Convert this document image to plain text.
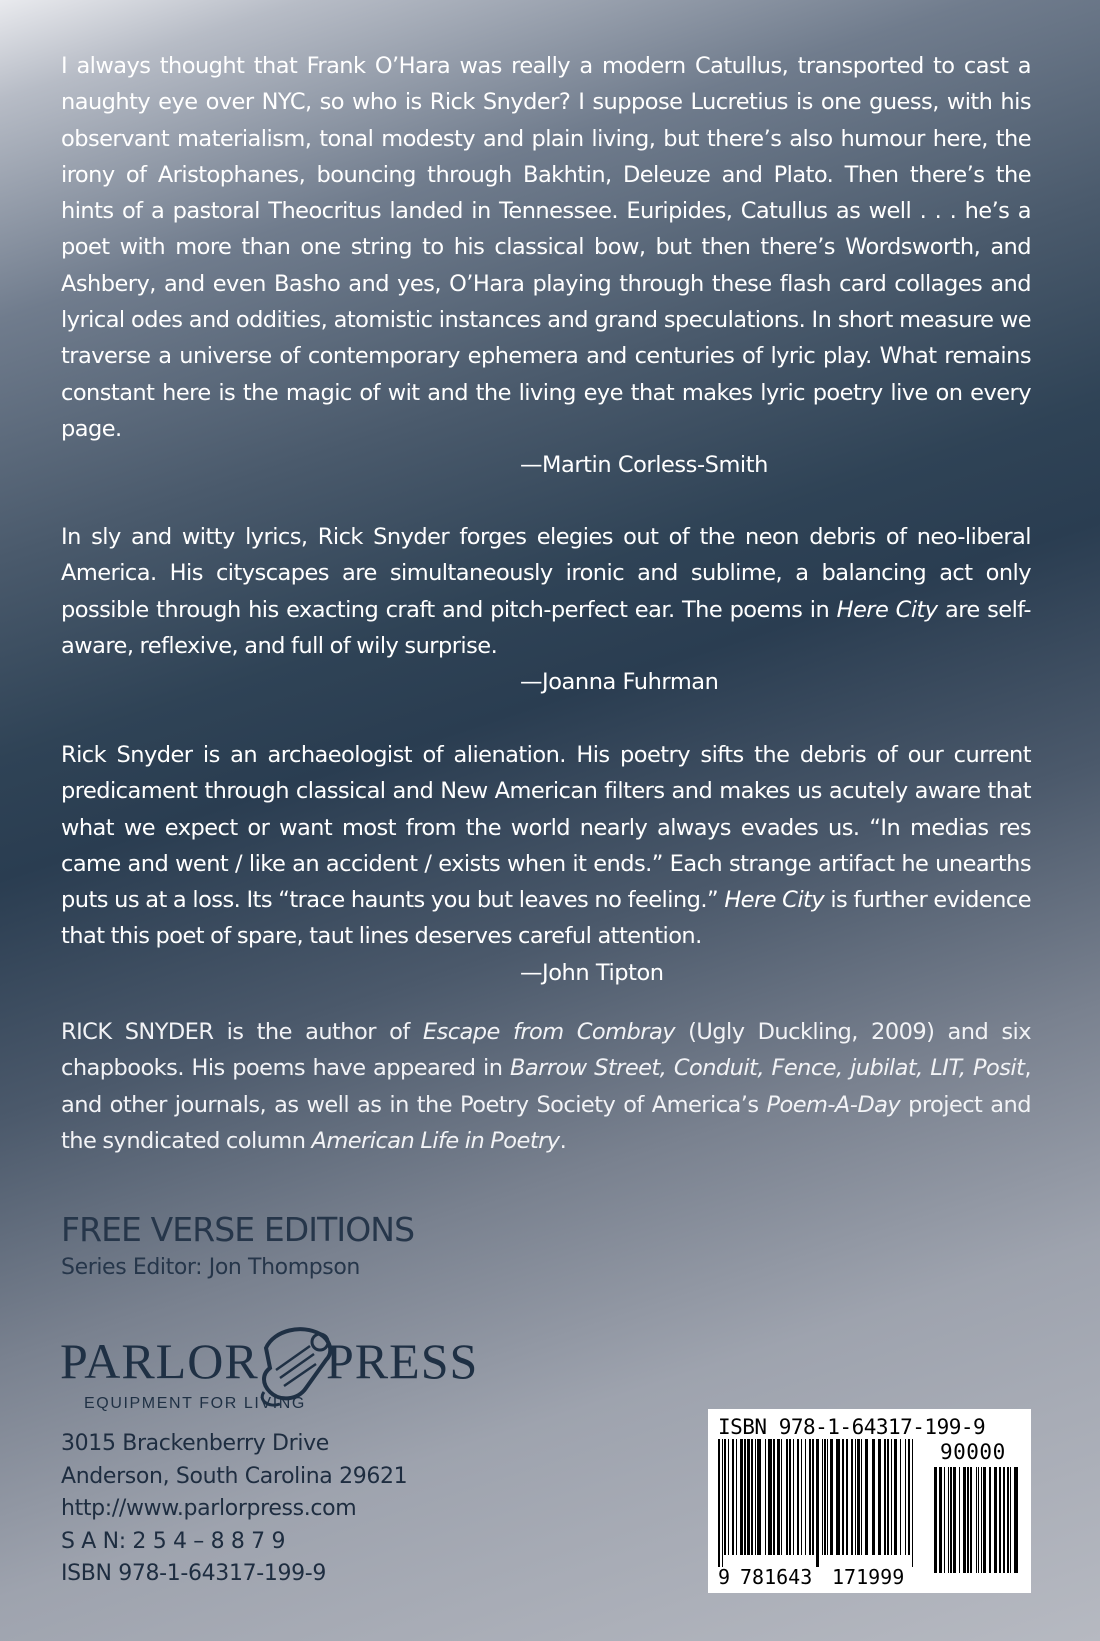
I always thought that Frank O’Hara was really a modern Catullus, transported to cast a naughty eye over NYC, so who is Rick Snyder? I suppose Lucretius is one guess, with his observant materialism, tonal modesty and plain living, but there’s also humour here, the irony of Aristophanes, bouncing through Bakhtin, Deleuze and Plato. Then there’s the hints of a pastoral Theocritus landed in Tennessee. Euripides, Catullus as well . . . he’s a poet with more than one string to his classical bow, but then there’s Wordsworth, and Ashbery, and even Basho and yes, O’Hara playing through these flash card collages and lyrical odes and oddities, atomistic instances and grand speculations. In short measure we traverse a universe of contemporary ephemera and centuries of lyric play. What remains constant here is the magic of wit and the living eye that makes lyric poetry live on every page.

—Martin Corless-Smith

In sly and witty lyrics, Rick Snyder forges elegies out of the neon debris of neo-liberal America. His cityscapes are simultaneously ironic and sublime, a balancing act only possible through his exacting craft and pitch-perfect ear. The poems in Here City are self-aware, reflexive, and full of wily surprise.

—Joanna Fuhrman

Rick Snyder is an archaeologist of alienation. His poetry sifts the debris of our current predicament through classical and New American filters and makes us acutely aware that what we expect or want most from the world nearly always evades us. “In medias res came and went / like an accident / exists when it ends.” Each strange artifact he unearths puts us at a loss. Its “trace haunts you but leaves no feeling.” Here City is further evidence that this poet of spare, taut lines deserves careful attention.

—John Tipton

RICK SNYDER is the author of Escape from Combray (Ugly Duckling, 2009) and six chapbooks. His poems have appeared in Barrow Street, Conduit, Fence, jubilat, LIT, Posit, and other journals, as well as in the Poetry Society of America’s Poem-A-Day project and the syndicated column American Life in Poetry.

FREE VERSE EDITIONS
Series Editor: Jon Thompson
PARLOR PRESS
EQUIPMENT FOR LIVING
3015 Brackenberry Drive
Anderson, South Carolina 29621
http://www.parlorpress.com
S A N: 2 5 4 – 8 8 7 9
ISBN 978-1-64317-199-9
ISBN 978-1-64317-199-9
90000
9 781643 171999
